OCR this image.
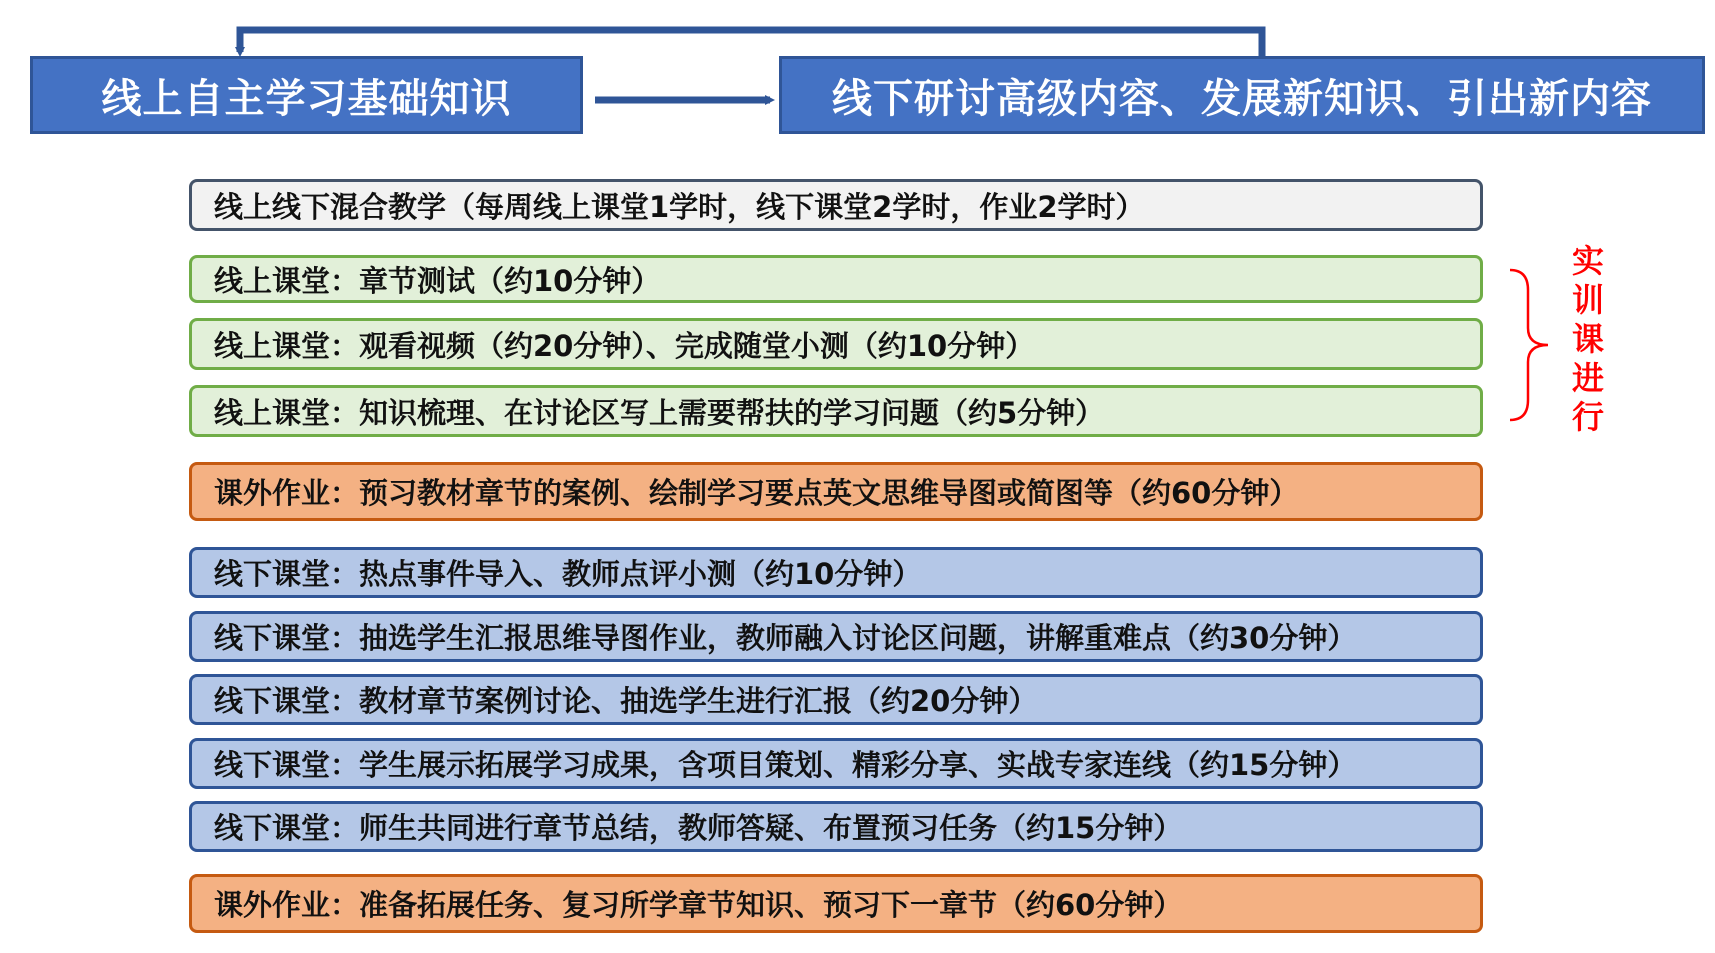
线上自主学习基础知识	线下研讨高级内容、发展新知识、引出新内容
线上线下混合教学（每周线上课堂1学时，线下课堂2学时，作业2学时）
线上课堂：章节测试（约10分钟）
线上课堂：观看视频（约20分钟）、完成随堂小测（约10分钟）
线上课堂：知识梳理、在讨论区写上需要帮扶的学习问题（约5分钟）
课外作业：预习教材章节的案例、绘制学习要点英文思维导图或简图等（约60分钟）
线下课堂：热点事件导入、教师点评小测（约10分钟）
线下课堂：抽选学生汇报思维导图作业，教师融入讨论区问题，讲解重难点（约30分钟）
线下课堂：教材章节案例讨论、抽选学生进行汇报（约20分钟）
线下课堂：学生展示拓展学习成果，含项目策划、精彩分享、实战专家连线（约15分钟）
线下课堂：师生共同进行章节总结，教师答疑、布置预习任务（约15分钟）
课外作业：准备拓展任务、复习所学章节知识、预习下一章节（约60分钟）
实训课进行
